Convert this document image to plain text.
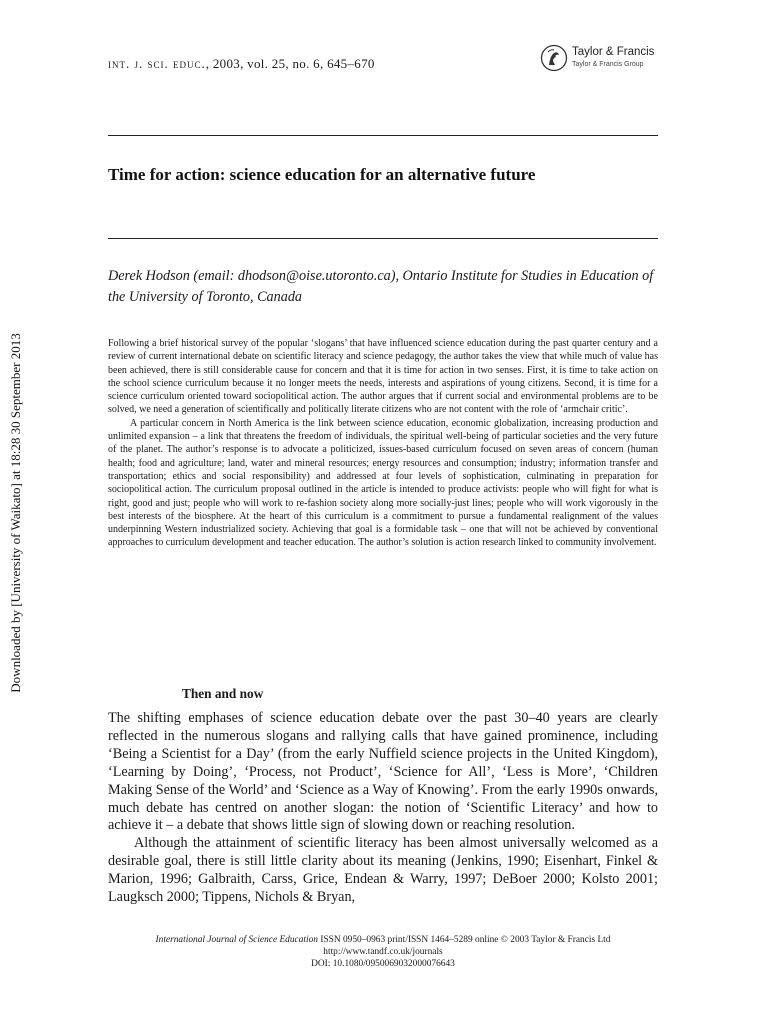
int. j. sci. educ., 2003, vol. 25, no. 6, 645–670
Taylor & Francis
Taylor & Francis Group
Time for action: science education for an alternative future
Derek Hodson (email: dhodson@oise.utoronto.ca), Ontario Institute for Studies in Education of the University of Toronto, Canada

Following a brief historical survey of the popular ‘slogans’ that have influenced science education during the past quarter century and a review of current international debate on scientific literacy and science pedagogy, the author takes the view that while much of value has been achieved, there is still considerable cause for concern and that it is time for action in two senses. First, it is time to take action on the school science curriculum because it no longer meets the needs, interests and aspirations of young citizens. Second, it is time for a science curriculum oriented toward sociopolitical action. The author argues that if current social and environmental problems are to be solved, we need a generation of scientifically and politically literate citizens who are not content with the role of ‘armchair critic’.

A particular concern in North America is the link between science education, economic globalization, increasing production and unlimited expansion – a link that threatens the freedom of individuals, the spiritual well-being of particular societies and the very future of the planet. The author’s response is to advocate a politicized, issues-based curriculum focused on seven areas of concern (human health; food and agriculture; land, water and mineral resources; energy resources and consumption; industry; information transfer and transportation; ethics and social responsibility) and addressed at four levels of sophistication, culminating in preparation for sociopolitical action. The curriculum proposal outlined in the article is intended to produce activists: people who will fight for what is right, good and just; people who will work to re-fashion society along more socially-just lines; people who will work vigorously in the best interests of the biosphere. At the heart of this curriculum is a commitment to pursue a fundamental realignment of the values underpinning Western industrialized society. Achieving that goal is a formidable task – one that will not be achieved by conventional approaches to curriculum development and teacher education. The author’s solution is action research linked to community involvement.

Downloaded by [University of Waikato] at 18:28 30 September 2013
Then and now

The shifting emphases of science education debate over the past 30–40 years are clearly reflected in the numerous slogans and rallying calls that have gained prominence, including ‘Being a Scientist for a Day’ (from the early Nuffield science projects in the United Kingdom), ‘Learning by Doing’, ‘Process, not Product’, ‘Science for All’, ‘Less is More’, ‘Children Making Sense of the World’ and ‘Science as a Way of Knowing’. From the early 1990s onwards, much debate has centred on another slogan: the notion of ‘Scientific Literacy’ and how to achieve it – a debate that shows little sign of slowing down or reaching resolution.

Although the attainment of scientific literacy has been almost universally welcomed as a desirable goal, there is still little clarity about its meaning (Jenkins, 1990; Eisenhart, Finkel & Marion, 1996; Galbraith, Carss, Grice, Endean & Warry, 1997; DeBoer 2000; Kolsto 2001; Laugksch 2000; Tippens, Nichols & Bryan,

International Journal of Science Education ISSN 0950–0963 print/ISSN 1464–5289 online © 2003 Taylor & Francis Ltd
http://www.tandf.co.uk/journals
DOI: 10.1080/0950069032000076643
